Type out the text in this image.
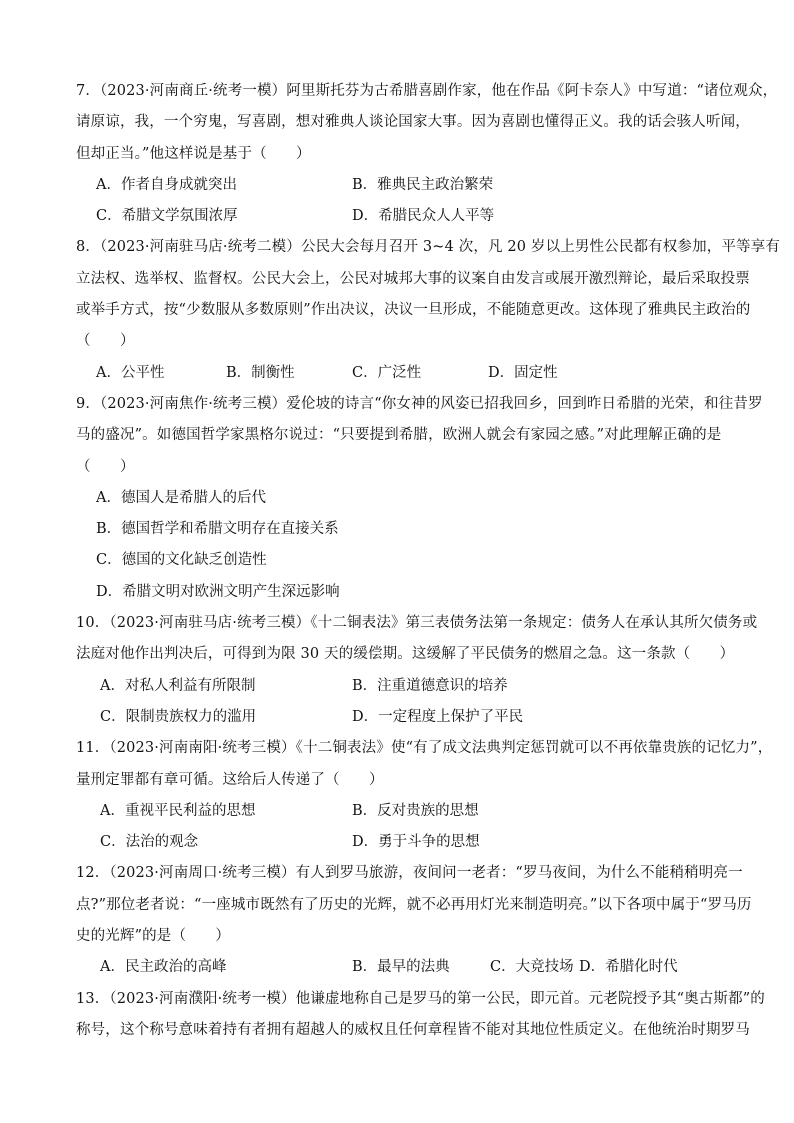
7．（2023·河南商丘·统考一模）阿里斯托芬为古希腊喜剧作家，他在作品《阿卡奈人》中写道：“诸位观众，

请原谅，我，一个穷鬼，写喜剧，想对雅典人谈论国家大事。因为喜剧也懂得正义。我的话会骇人听闻，

但却正当。”他这样说是基于（　　）

A．作者自身成就突出	B．雅典民主政治繁荣
C．希腊文学氛围浓厚	D．希腊民众人人平等

8．（2023·河南驻马店·统考二模）公民大会每月召开 3~4 次，凡 20 岁以上男性公民都有权参加，平等享有

立法权、选举权、监督权。公民大会上，公民对城邦大事的议案自由发言或展开激烈辩论，最后采取投票

或举手方式，按“少数服从多数原则”作出决议，决议一旦形成，不能随意更改。这体现了雅典民主政治的

（　　）

A．公平性	B．制衡性	C．广泛性	D．固定性

9．（2023·河南焦作·统考三模）爱伦坡的诗言“你女神的风姿已招我回乡，回到昨日希腊的光荣，和往昔罗

马的盛况”。如德国哲学家黑格尔说过：“只要提到希腊，欧洲人就会有家园之感。”对此理解正确的是

（　　）

A．德国人是希腊人的后代

B．德国哲学和希腊文明存在直接关系

C．德国的文化缺乏创造性

D．希腊文明对欧洲文明产生深远影响

10．（2023·河南驻马店·统考三模）《十二铜表法》第三表债务法第一条规定：债务人在承认其所欠债务或

法庭对他作出判决后，可得到为限 30 天的缓偿期。这缓解了平民债务的燃眉之急。这一条款（　　）

A．对私人利益有所限制	B．注重道德意识的培养
C．限制贵族权力的滥用	D．一定程度上保护了平民

11．（2023·河南南阳·统考三模）《十二铜表法》使“有了成文法典判定惩罚就可以不再依靠贵族的记忆力”，

量刑定罪都有章可循。这给后人传递了（　　）

A．重视平民利益的思想	B．反对贵族的思想
C．法治的观念	D．勇于斗争的思想

12．（2023·河南周口·统考三模）有人到罗马旅游，夜间问一老者：“罗马夜间，为什么不能稍稍明亮一

点?”那位老者说：“一座城市既然有了历史的光辉，就不必再用灯光来制造明亮。”以下各项中属于“罗马历

史的光辉”的是（　　）

A．民主政治的高峰	B．最早的法典	C．大竞技场 D．希腊化时代

13．（2023·河南濮阳·统考一模）他谦虚地称自己是罗马的第一公民，即元首。元老院授予其“奥古斯都”的

称号，这个称号意味着持有者拥有超越人的威权且任何章程皆不能对其地位性质定义。在他统治时期罗马
